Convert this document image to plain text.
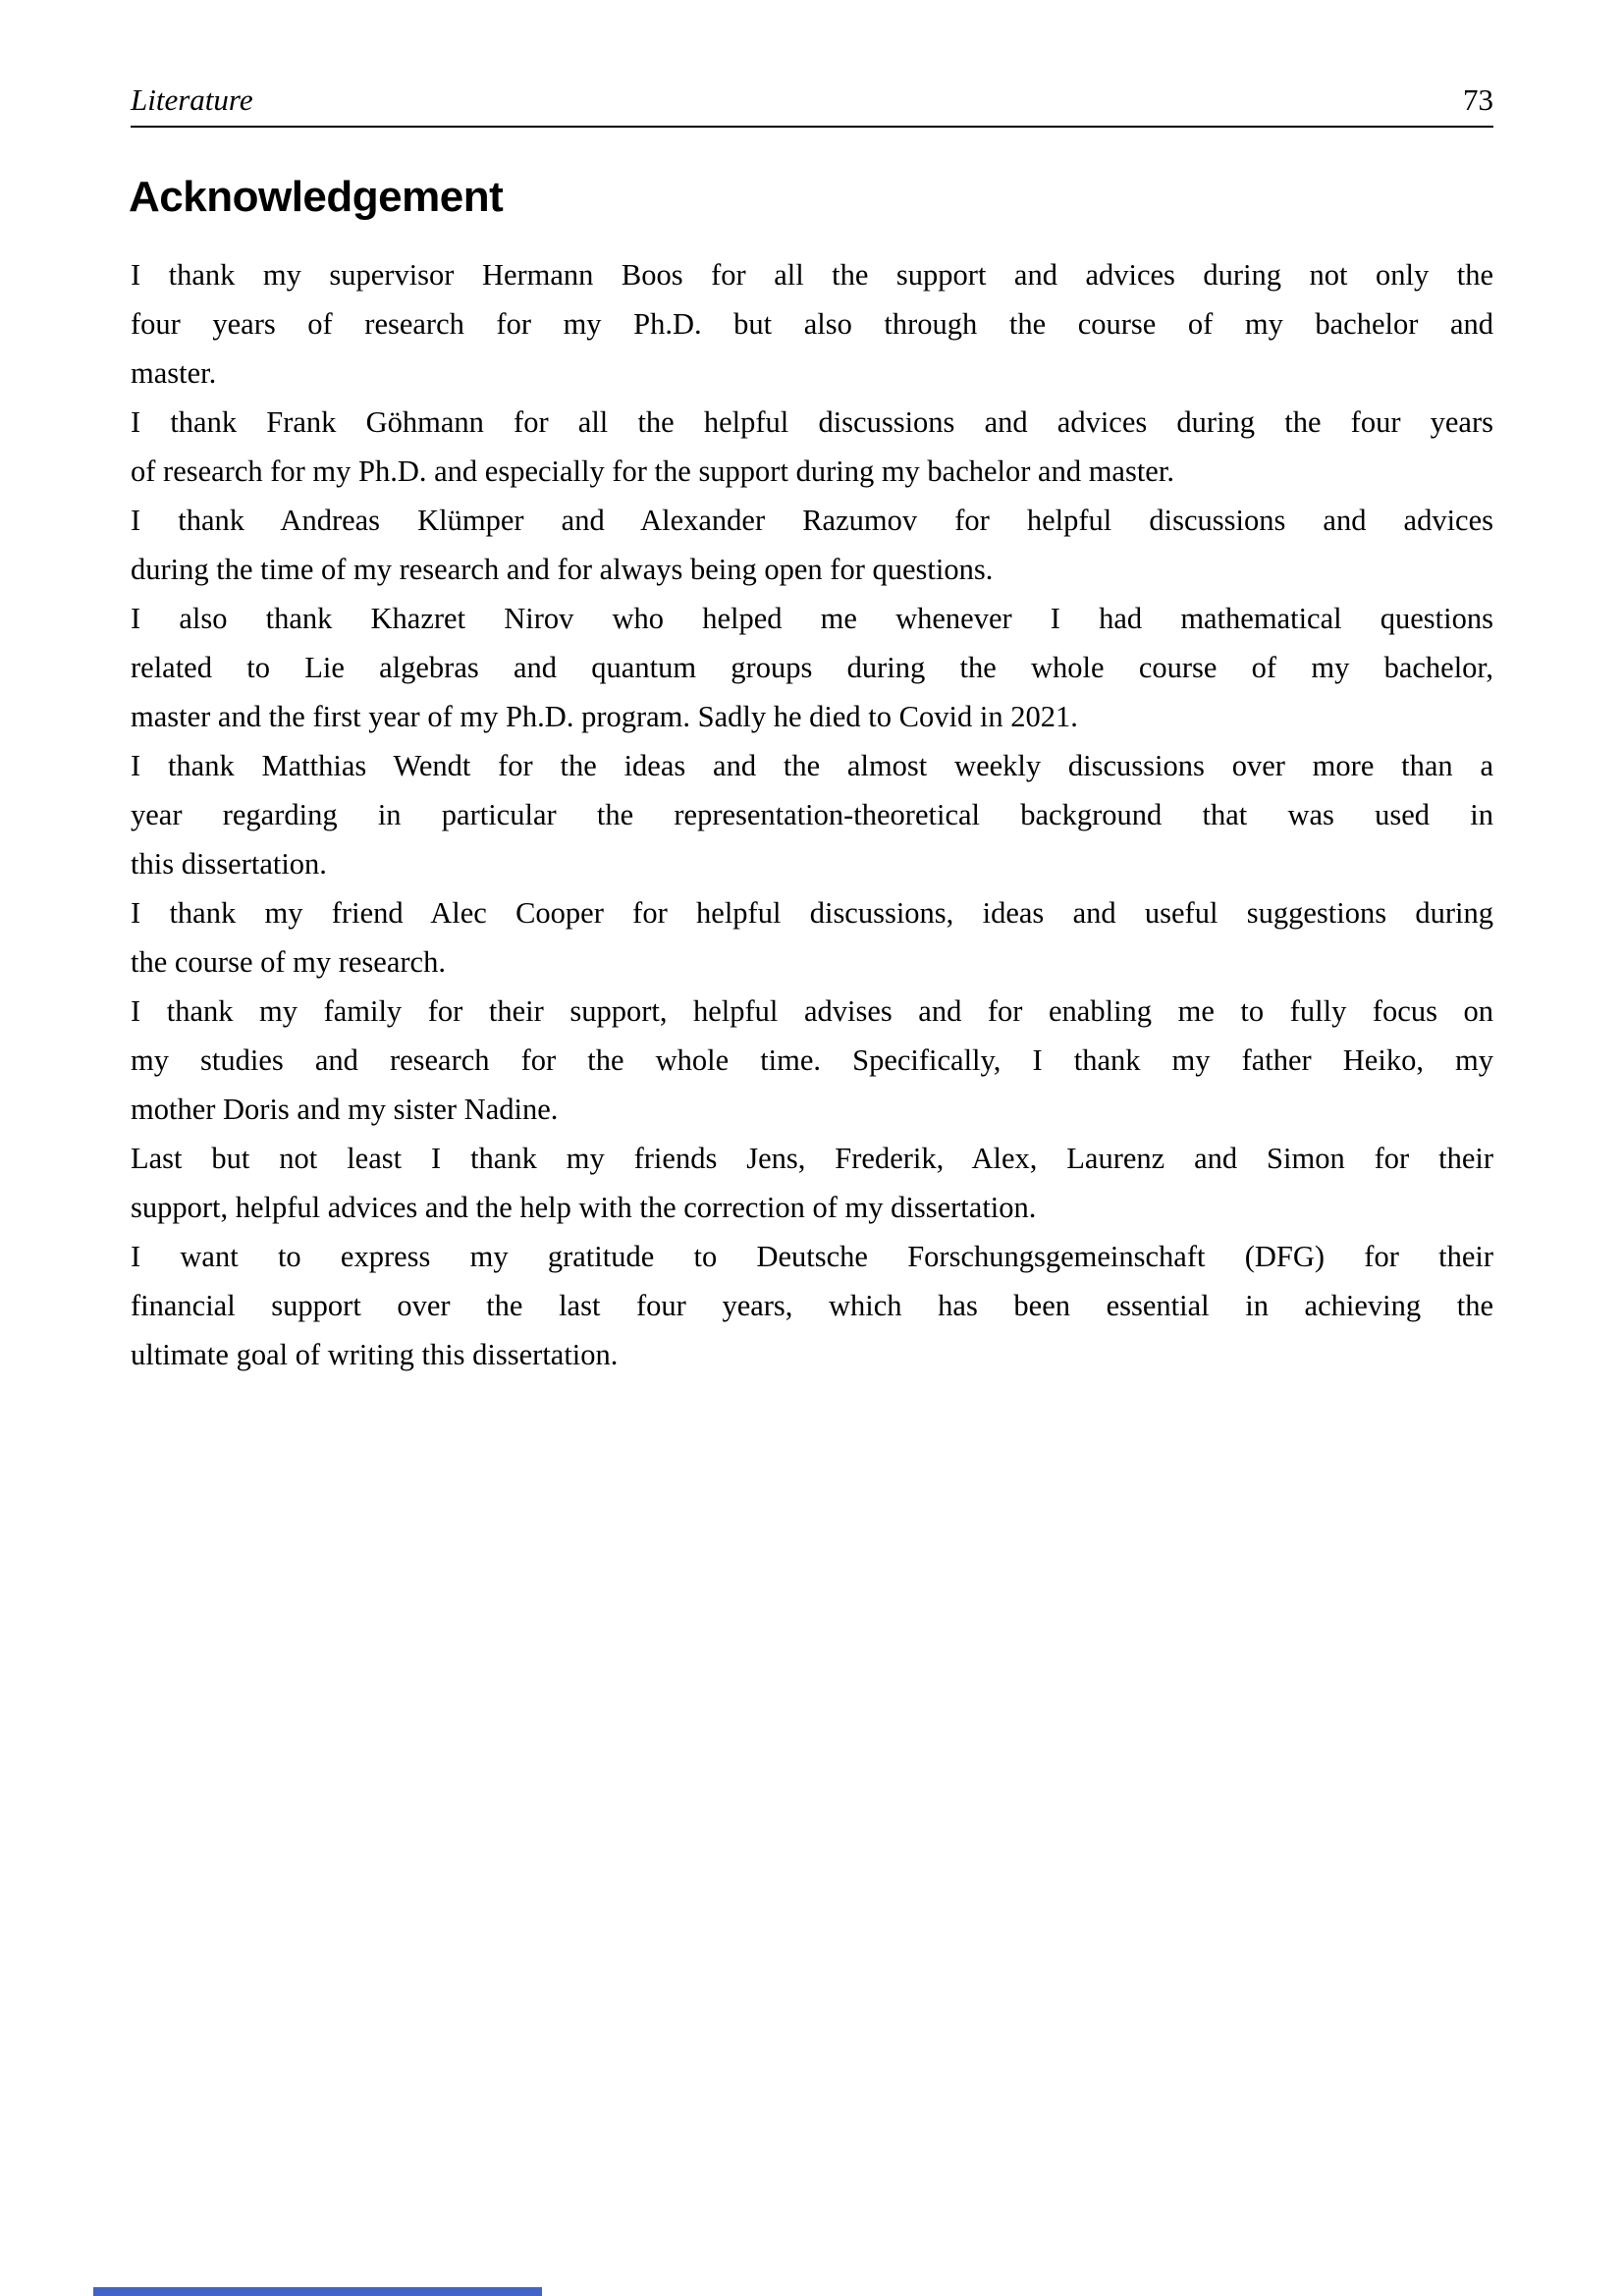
Literature	73
Acknowledgement
I thank my supervisor Hermann Boos for all the support and advices during not only the
four years of research for my Ph.D. but also through the course of my bachelor and
master.
I thank Frank Göhmann for all the helpful discussions and advices during the four years
of research for my Ph.D. and especially for the support during my bachelor and master.
I thank Andreas Klümper and Alexander Razumov for helpful discussions and advices
during the time of my research and for always being open for questions.
I also thank Khazret Nirov who helped me whenever I had mathematical questions
related to Lie algebras and quantum groups during the whole course of my bachelor,
master and the first year of my Ph.D. program. Sadly he died to Covid in 2021.
I thank Matthias Wendt for the ideas and the almost weekly discussions over more than a
year regarding in particular the representation-theoretical background that was used in
this dissertation.
I thank my friend Alec Cooper for helpful discussions, ideas and useful suggestions during
the course of my research.
I thank my family for their support, helpful advises and for enabling me to fully focus on
my studies and research for the whole time. Specifically, I thank my father Heiko, my
mother Doris and my sister Nadine.
Last but not least I thank my friends Jens, Frederik, Alex, Laurenz and Simon for their
support, helpful advices and the help with the correction of my dissertation.
I want to express my gratitude to Deutsche Forschungsgemeinschaft (DFG) for their
financial support over the last four years, which has been essential in achieving the
ultimate goal of writing this dissertation.
